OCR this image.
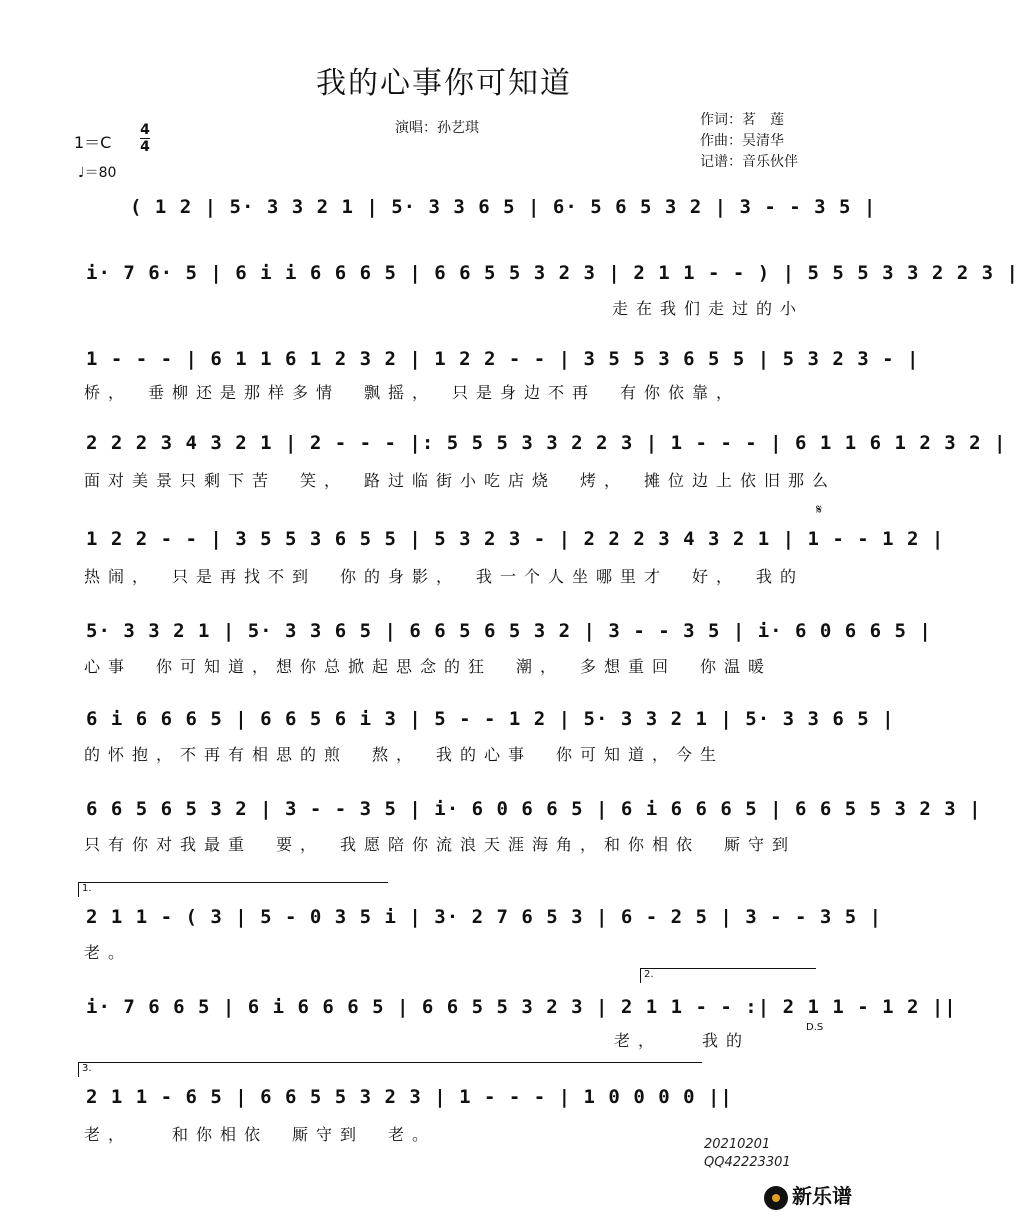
我的心事你可知道
1＝C
4
4
♩＝80
演唱：孙艺琪	作词：茗　莲
作曲：吴清华
记谱：音乐伙伴
( 1 2 | 5· 3 3 2 1 | 5· 3 3 6 5 | 6· 5 6 5 3 2 | 3 - - 3 5 |
i· 7 6· 5 | 6 i i 6 6 6 5 | 6 6 5 5 3 2 3 | 2 1 1 - - ) | 5 5 5 3 3 2 2 3 |
走在我们走过的小
1 - - - | 6 1 1 6 1 2 3 2 | 1 2 2 - - | 3 5 5 3 6 5 5 | 5 3 2 3 - |
桥，　垂柳还是那样多情　飘摇，　只是身边不再　有你依靠，
2 2 2 3 4 3 2 1 | 2 - - - |: 5 5 5 3 3 2 2 3 | 1 - - - | 6 1 1 6 1 2 3 2 |
面对美景只剩下苦　笑，　路过临街小吃店烧　烤，　摊位边上依旧那么
1 2 2 - - | 3 5 5 3 6 5 5 | 5 3 2 3 - | 2 2 2 3 4 3 2 1 | 1 - - 1 2 |
热闹，　只是再找不到　你的身影，　我一个人坐哪里才　好，　我的
5· 3 3 2 1 | 5· 3 3 6 5 | 6 6 5 6 5 3 2 | 3 - - 3 5 | i· 6 0 6 6 5 |
心事　你可知道，想你总掀起思念的狂　潮，　多想重回　你温暖
6 i 6 6 6 5 | 6 6 5 6 i 3 | 5 - - 1 2 | 5· 3 3 2 1 | 5· 3 3 6 5 |
的怀抱，不再有相思的煎　熬，　我的心事　你可知道，今生
6 6 5 6 5 3 2 | 3 - - 3 5 | i· 6 0 6 6 5 | 6 i 6 6 6 5 | 6 6 5 5 3 2 3 |
只有你对我最重　要，　我愿陪你流浪天涯海角，和你相依　厮守到
1.
2 1 1 - ( 3 | 5 - 0 3 5 i | 3· 2 7 6 5 3 | 6 - 2 5 | 3 - - 3 5 |
老。
2.
i· 7 6 6 5 | 6 i 6 6 6 5 | 6 6 5 5 3 2 3 | 2 1 1 - - :| 2 1 1 - 1 2 ||
　　　　　　　　　　　　　　　　　　　　　　老，　　我的
3.
2 1 1 - 6 5 | 6 6 5 5 3 2 3 | 1 - - - | 1 0 0 0 0 ||
老，　　和你相依　厮守到　老。
𝄋
D.S
20210201
QQ42223301
新乐谱
